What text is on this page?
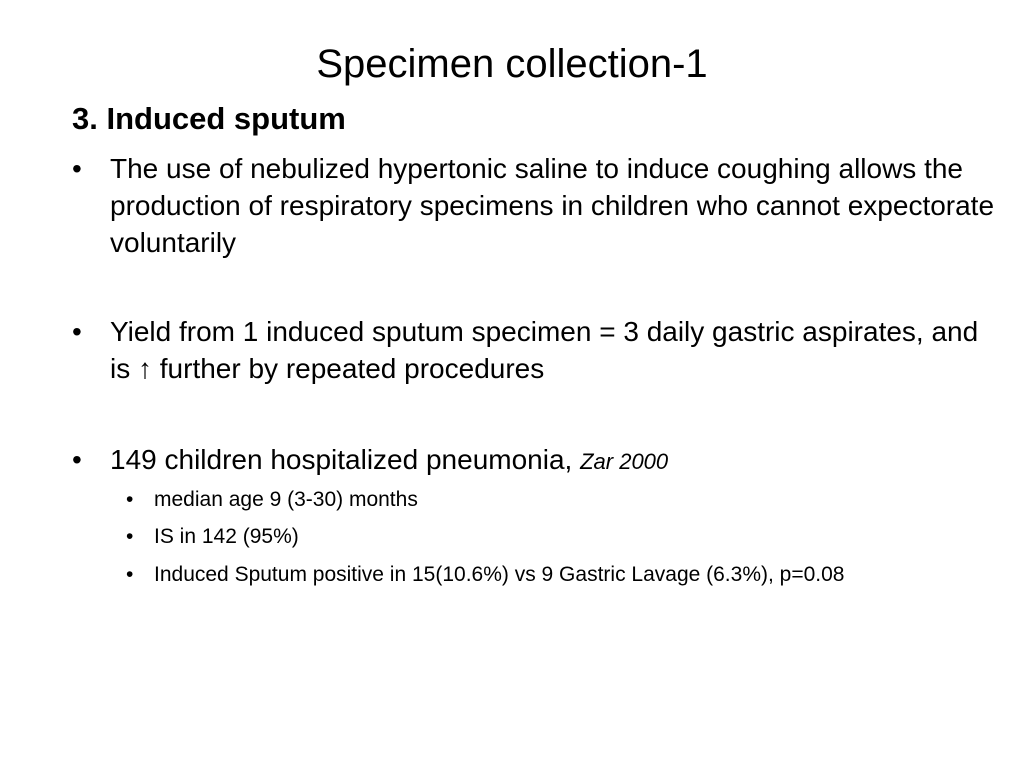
Specimen collection-1
3. Induced sputum
• The use of nebulized hypertonic saline to induce coughing allows the production of respiratory specimens in children who cannot expectorate voluntarily
• Yield from 1 induced sputum specimen = 3 daily gastric aspirates, and is ↑ further by repeated procedures
• 149 children hospitalized pneumonia, Zar 2000
• median age 9 (3-30) months
• IS in 142 (95%)
• Induced Sputum positive in 15(10.6%) vs 9 Gastric Lavage (6.3%), p=0.08
